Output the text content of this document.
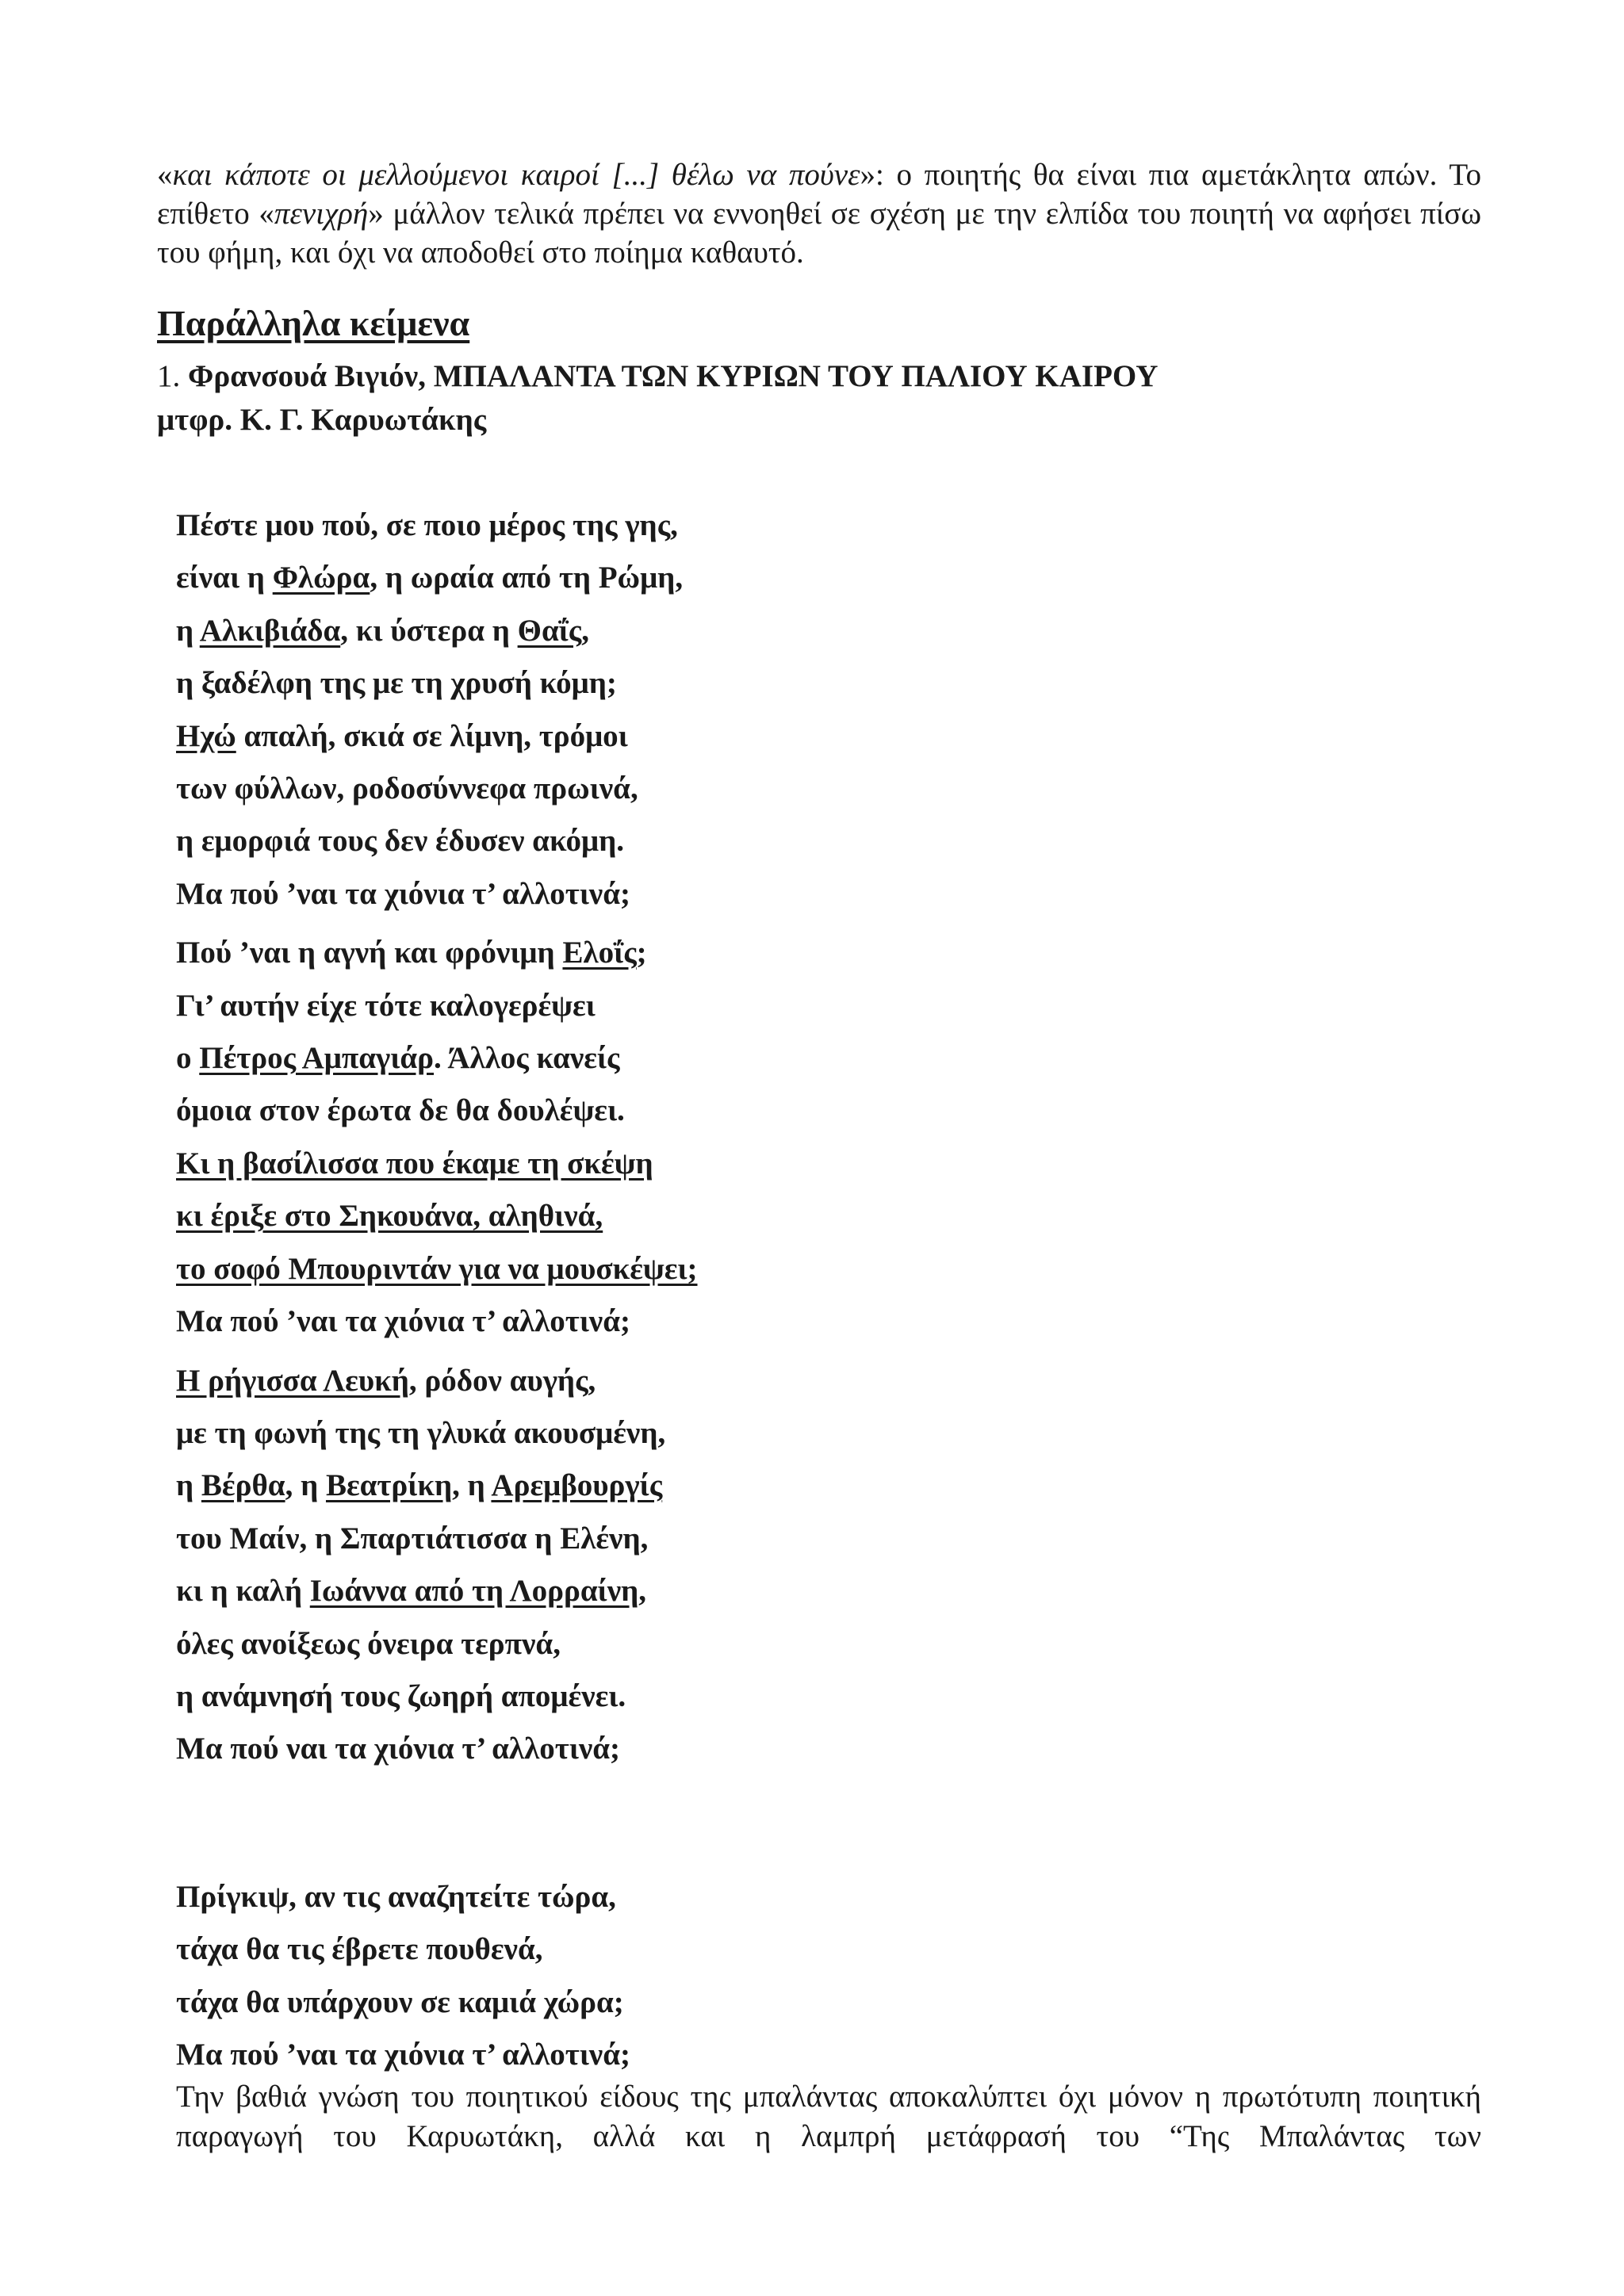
«και κάποτε οι μελλούμενοι καιροί [...] θέλω να πούνε»: ο ποιητής θα είναι πια αμετάκλητα απών. Το επίθετο «πενιχρή» μάλλον τελικά πρέπει να εννοηθεί σε σχέση με την ελπίδα του ποιητή να αφήσει πίσω του φήμη, και όχι να αποδοθεί στο ποίημα καθαυτό.

Παράλληλα κείμενα

1. Φρανσουά Βιγιόν, ΜΠΑΛΑΝΤΑ ΤΩΝ ΚΥΡΙΩΝ ΤΟΥ ΠΑΛΙΟΥ ΚΑΙΡΟΥ

μτφρ. Κ. Γ. Καρυωτάκης

Πέστε μου πού, σε ποιο μέρος της γης,
είναι η Φλώρα, η ωραία από τη Ρώμη,
η Αλκιβιάδα, κι ύστερα η Θαΐς,
η ξαδέλφη της με τη χρυσή κόμη;
Ηχώ απαλή, σκιά σε λίμνη, τρόμοι
των φύλλων, ροδοσύννεφα πρωινά,
η εμορφιά τους δεν έδυσεν ακόμη.
Μα πού ’ναι τα χιόνια τ’ αλλοτινά;
Πού ’ναι η αγνή και φρόνιμη Ελοΐς;
Γι’ αυτήν είχε τότε καλογερέψει
ο Πέτρος Αμπαγιάρ. Άλλος κανείς
όμοια στον έρωτα δε θα δουλέψει.
Κι η βασίλισσα που έκαμε τη σκέψη
κι έριξε στο Σηκουάνα, αληθινά,
το σοφό Μπουριντάν για να μουσκέψει;
Μα πού ’ναι τα χιόνια τ’ αλλοτινά;
Η ρήγισσα Λευκή, ρόδον αυγής,
με τη φωνή της τη γλυκά ακουσμένη,
η Βέρθα, η Βεατρίκη, η Αρεμβουργίς
του Μαίν, η Σπαρτιάτισσα η Ελένη,
κι η καλή Ιωάννα από τη Λορραίνη,
όλες ανοίξεως όνειρα τερπνά,
η ανάμνησή τους ζωηρή απομένει.
Μα πού ναι τα χιόνια τ’ αλλοτινά;
Πρίγκιψ, αν τις αναζητείτε τώρα,
τάχα θα τις έβρετε πουθενά,
τάχα θα υπάρχουν σε καμιά χώρα;
Μα πού ’ναι τα χιόνια τ’ αλλοτινά;

Την βαθιά γνώση του ποιητικού είδους της μπαλάντας αποκαλύπτει όχι μόνον η πρωτότυπη ποιητική παραγωγή του Καρυωτάκη, αλλά και η λαμπρή μετάφρασή του “Της Μπαλάντας των
